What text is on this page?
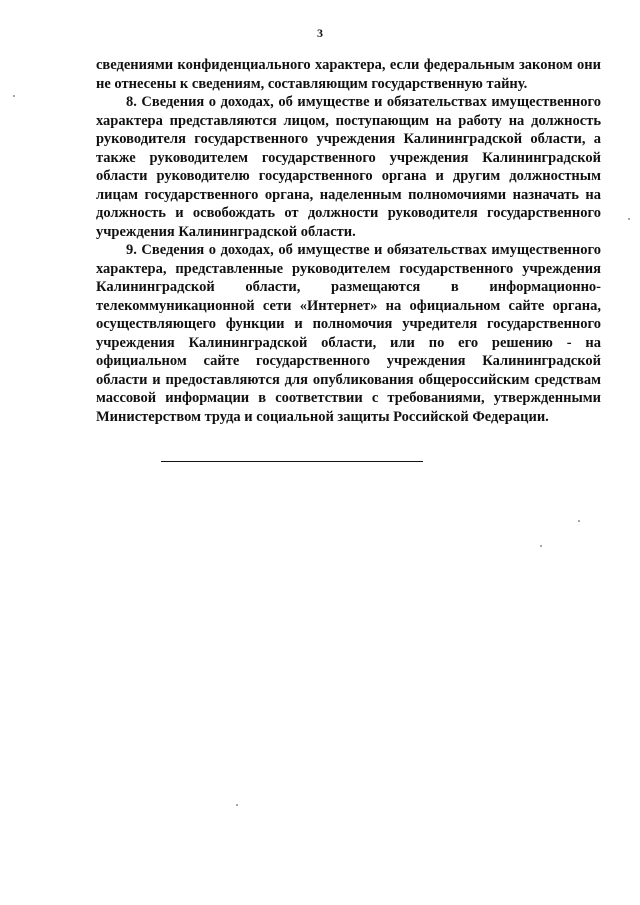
3

сведениями конфиденциального характера, если федеральным законом они не отнесены к сведениям, составляющим государственную тайну.

8. Сведения о доходах, об имуществе и обязательствах имущественного характера представляются лицом, поступающим на работу на должность руководителя государственного учреждения Калининградской области, а также руководителем государственного учреждения Калининградской области руководителю государственного органа и другим должностным лицам государственного органа, наделенным полномочиями назначать на должность и освобождать от должности руководителя государственного учреждения Калининградской области.

9. Сведения о доходах, об имуществе и обязательствах имущественного характера, представленные руководителем государственного учреждения Калининградской области, размещаются в информационно-телекоммуникационной сети «Интернет» на официальном сайте органа, осуществляющего функции и полномочия учредителя государственного учреждения Калининградской области, или по его решению - на официальном сайте государственного учреждения Калининградской области и предоставляются для опубликования общероссийским средствам массовой информации в соответствии с требованиями, утвержденными Министерством труда и социальной защиты Российской Федерации.
